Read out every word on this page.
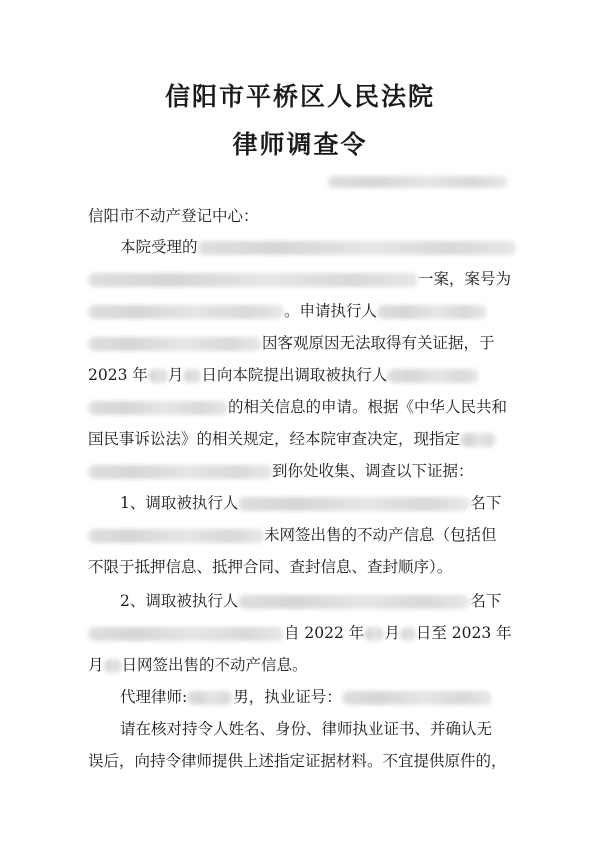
信阳市平桥区人民法院
律师调查令
信阳市不动产登记中心：
本院受理的
一案，案号为
。申请执行人
因客观原因无法取得有关证据，于
2023 年 月 日向本院提出调取被执行人
的相关信息的申请。根据《中华人民共和
国民事诉讼法》的相关规定，经本院审查决定，现指定
到你处收集、调查以下证据：
1、调取被执行人	名下
未网签出售的不动产信息（包括但
不限于抵押信息、抵押合同、查封信息、查封顺序）。
2、调取被执行人	名下
自 2022 年 月 日至 2023 年
月 日网签出售的不动产信息。
代理律师:	男，执业证号：
请在核对持令人姓名、身份、律师执业证书、并确认无
误后，向持令律师提供上述指定证据材料。不宜提供原件的，
